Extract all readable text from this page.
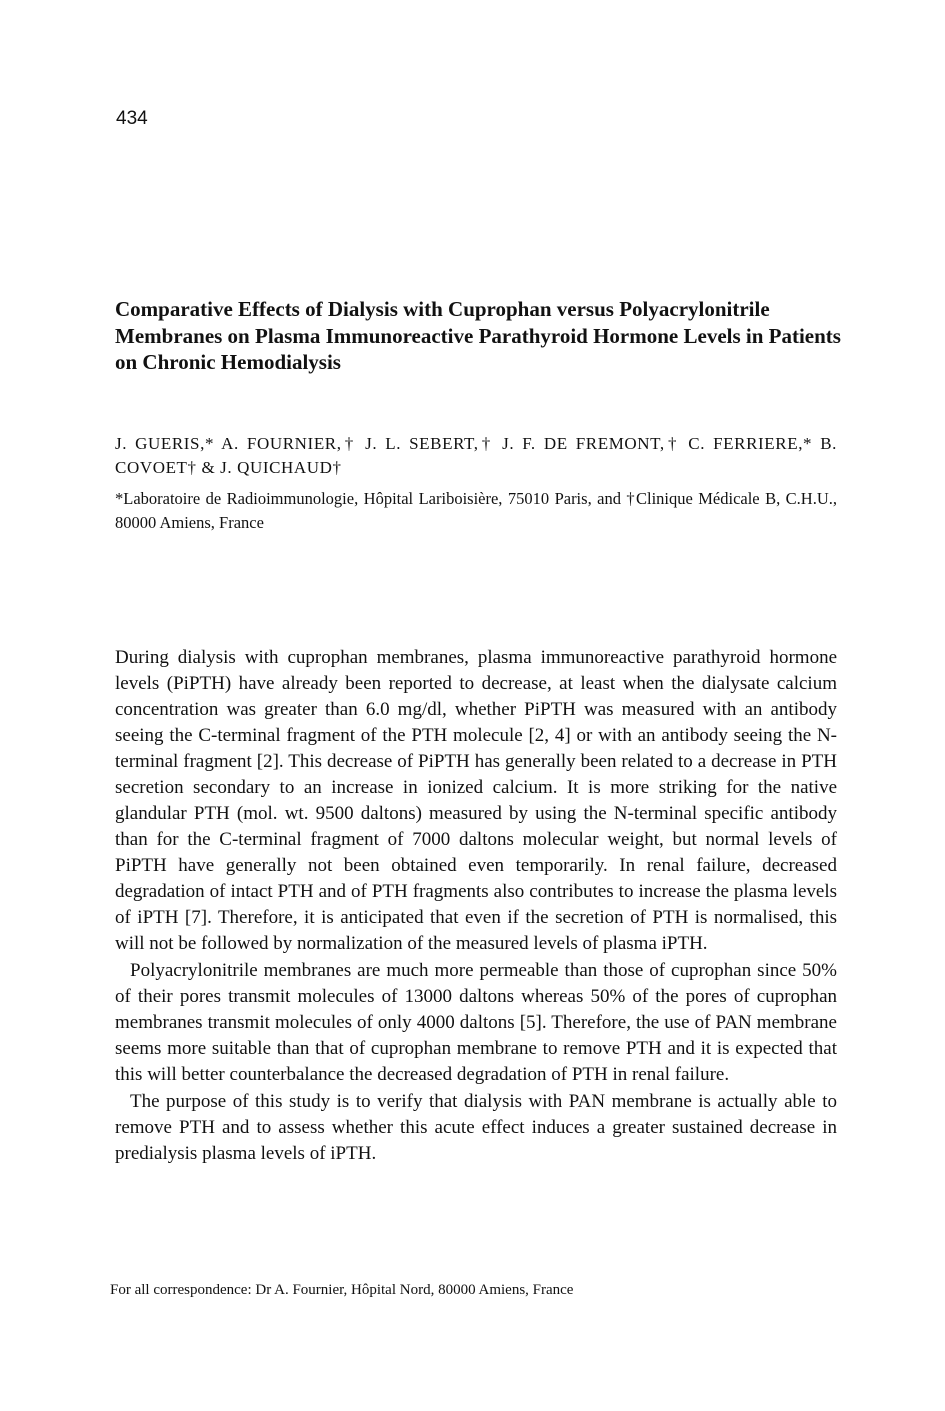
434
Comparative Effects of Dialysis with Cuprophan versus Polyacrylonitrile Membranes on Plasma Immunoreactive Parathyroid Hormone Levels in Patients on Chronic Hemodialysis
J. GUERIS,* A. FOURNIER,† J. L. SEBERT,† J. F. DE FREMONT,† C. FERRIERE,* B. COVOET† & J. QUICHAUD†
*Laboratoire de Radioimmunologie, Hôpital Lariboisière, 75010 Paris, and †Clinique Médicale B, C.H.U., 80000 Amiens, France

During dialysis with cuprophan membranes, plasma immunoreactive parathyroid hormone levels (PiPTH) have already been reported to decrease, at least when the dialysate calcium concentration was greater than 6.0 mg/dl, whether PiPTH was measured with an antibody seeing the C-terminal fragment of the PTH molecule [2, 4] or with an antibody seeing the N-terminal fragment [2]. This decrease of PiPTH has generally been related to a decrease in PTH secretion secondary to an increase in ionized calcium. It is more striking for the native glandular PTH (mol. wt. 9500 daltons) measured by using the N-terminal specific antibody than for the C-terminal fragment of 7000 daltons molecular weight, but normal levels of PiPTH have generally not been obtained even temporarily. In renal failure, decreased degradation of intact PTH and of PTH fragments also contributes to increase the plasma levels of iPTH [7]. Therefore, it is anticipated that even if the secretion of PTH is normalised, this will not be followed by normalization of the measured levels of plasma iPTH.

Polyacrylonitrile membranes are much more permeable than those of cuprophan since 50% of their pores transmit molecules of 13000 daltons whereas 50% of the pores of cuprophan membranes transmit molecules of only 4000 daltons [5]. Therefore, the use of PAN membrane seems more suitable than that of cuprophan membrane to remove PTH and it is expected that this will better counterbalance the decreased degradation of PTH in renal failure.

The purpose of this study is to verify that dialysis with PAN membrane is actually able to remove PTH and to assess whether this acute effect induces a greater sustained decrease in predialysis plasma levels of iPTH.

For all correspondence: Dr A. Fournier, Hôpital Nord, 80000 Amiens, France
